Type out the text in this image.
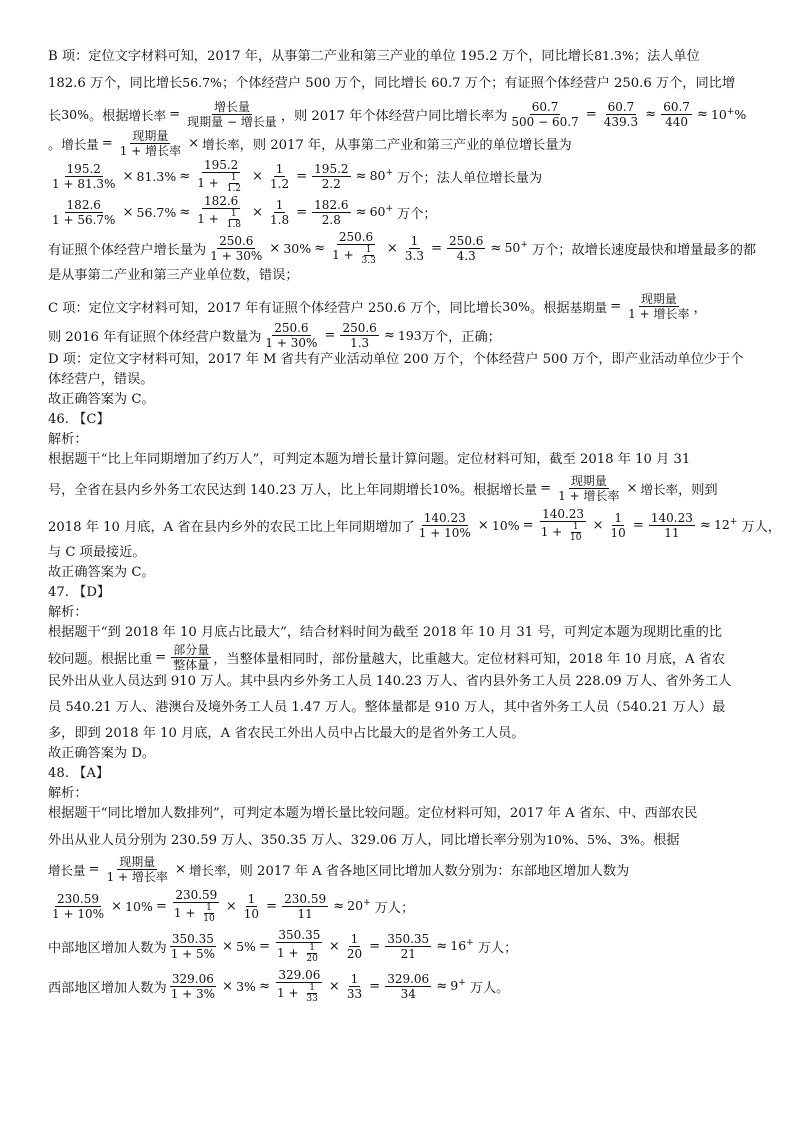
B 项：定位文字材料可知，2017 年，从事第二产业和第三产业的单位 195.2 万个，同比增长81.3%；法人单位
182.6 万个，同比增长56.7%；个体经营户 500 万个，同比增长 60.7 万个；有证照个体经营户 250.6 万个，同比增
长 30% 。根据 增长率 = $\frac{\text{增长量}}{\text{现期量 − 增长量}}$ ，则 2017 年个体经营户同比增长率为 $\frac{60.7}{500 - 60.7} = \frac{60.7}{439.3} \approx \frac{60.7}{440} \approx 10^+\%$
。 增长量 = $\frac{\text{现期量}}{\text{1 + 增长率}}$ × 增长率 ，则 2017 年，从事第二产业和第三产业的单位增长量为
$\frac{195.2}{1 + 81.3\%} \times 81.3\% \approx \frac{195.2}{1 + \frac{1}{1.2}} \times \frac{1}{1.2} = \frac{195.2}{2.2} \approx 80^+$ 万个；法人单位增长量为
$\frac{182.6}{1 + 56.7\%} \times 56.7\% \approx \frac{182.6}{1 + \frac{1}{1.8}} \times \frac{1}{1.8} = \frac{182.6}{2.8} \approx 60^+$ 万个；
有证照个体经营户增长量为 $\frac{250.6}{1 + 30\%} \times 30\% \approx \frac{250.6}{1 + \frac{1}{3.3}} \times \frac{1}{3.3} = \frac{250.6}{4.3} \approx 50^+$ 万个；故增长速度最快和增量最多的都
是从事第二产业和第三产业单位数，错误；
C 项：定位文字材料可知，2017 年有证照个体经营户 250.6 万个，同比增长 30% 。根据 基期量 = $\frac{\text{现期量}}{\text{1 + 增长率}}$ ，
则 2016 年有证照个体经营户数量为 $\frac{250.6}{1 + 30\%} = \frac{250.6}{1.3} \approx 193$ 万个，正确；
D 项：定位文字材料可知，2017 年 M 省共有产业活动单位 200 万个，个体经营户 500 万个，即产业活动单位少于个
体经营户，错误。
故正确答案为 C。
46. 【C】
解析：
根据题干“比上年同期增加了约万人”，可判定本题为增长量计算问题。定位材料可知，截至 2018 年 10 月 31
号，全省在县内乡外务工农民达到 140.23 万人，比上年同期增长 10% 。根据 增长量 = $\frac{\text{现期量}}{\text{1 + 增长率}}$ × 增长率 ，则到
2018 年 10 月底，A 省在县内乡外的农民工比上年同期增加了 $\frac{140.23}{1 + 10\%} \times 10\% = \frac{140.23}{1 + \frac{1}{10}} \times \frac{1}{10} = \frac{140.23}{11} \approx 12^+$ 万人，
与 C 项最接近。
故正确答案为 C。
47. 【D】
解析：
根据题干“到 2018 年 10 月底占比最大”，结合材料时间为截至 2018 年 10 月 31 号，可判定本题为现期比重的比
较问题。根据 比重 = $\frac{\text{部分量}}{\text{整体量}}$ ，当整体量相同时，部份量越大，比重越大。定位材料可知，2018 年 10 月底，A 省农
民外出从业人员达到 910 万人。其中县内乡外务工人员 140.23 万人、省内县外务工人员 228.09 万人、省外务工人
员 540.21 万人、港澳台及境外务工人员 1.47 万人。整体量都是 910 万人，其中省外务工人员（540.21 万人）最
多，即到 2018 年 10 月底，A 省农民工外出人员中占比最大的是省外务工人员。
故正确答案为 D。
48. 【A】
解析：
根据题干“同比增加人数排列”，可判定本题为增长量比较问题。定位材料可知，2017 年 A 省东、中、西部农民
外出从业人员分别为 230.59 万人、350.35 万人、329.06 万人，同比增长率分别为10%、5%、3%。根据
增长量 = $\frac{\text{现期量}}{\text{1 + 增长率}}$ × 增长率 ，则 2017 年 A 省各地区同比增加人数分别为：东部地区增加人数为
$\frac{230.59}{1 + 10\%} \times 10\% = \frac{230.59}{1 + \frac{1}{10}} \times \frac{1}{10} = \frac{230.59}{11} \approx 20^+$ 万人；
中部地区增加人数为 $\frac{350.35}{1 + 5\%} \times 5\% = \frac{350.35}{1 + \frac{1}{20}} \times \frac{1}{20} = \frac{350.35}{21} \approx 16^+$ 万人；
西部地区增加人数为 $\frac{329.06}{1 + 3\%} \times 3\% \approx \frac{329.06}{1 + \frac{1}{33}} \times \frac{1}{33} = \frac{329.06}{34} \approx 9^+$ 万人。
